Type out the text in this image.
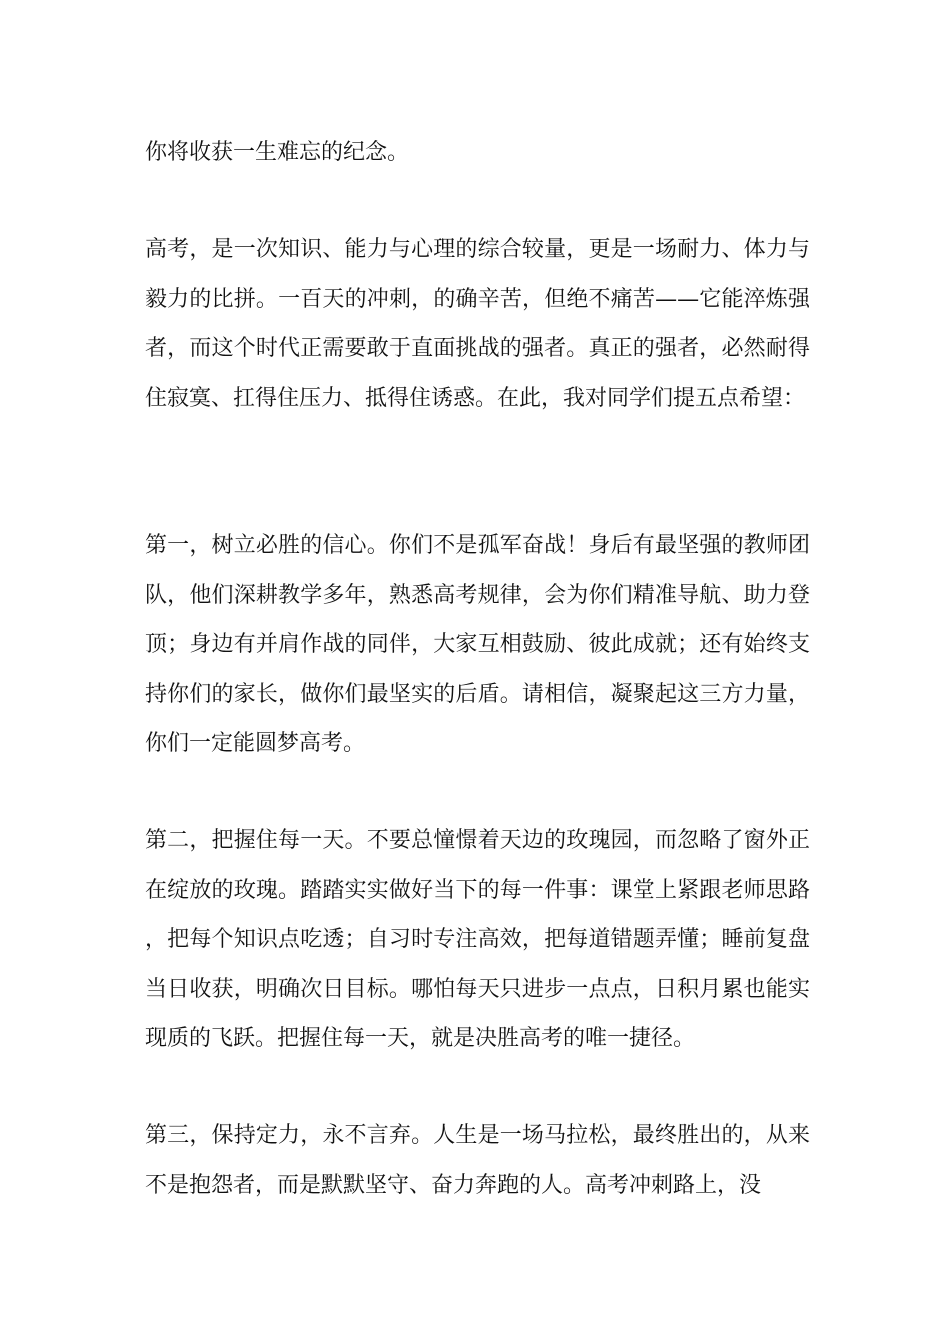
你将收获一生难忘的纪念。

高考，是一次知识、能力与心理的综合较量，更是一场耐力、体力与毅力的比拼。一百天的冲刺，的确辛苦，但绝不痛苦——它能淬炼强者，而这个时代正需要敢于直面挑战的强者。真正的强者，必然耐得住寂寞、扛得住压力、抵得住诱惑。在此，我对同学们提五点希望：

第一，树立必胜的信心。你们不是孤军奋战！身后有最坚强的教师团队，他们深耕教学多年，熟悉高考规律，会为你们精准导航、助力登顶；身边有并肩作战的同伴，大家互相鼓励、彼此成就；还有始终支持你们的家长，做你们最坚实的后盾。请相信，凝聚起这三方力量，你们一定能圆梦高考。

第二，把握住每一天。不要总憧憬着天边的玫瑰园，而忽略了窗外正在绽放的玫瑰。踏踏实实做好当下的每一件事：课堂上紧跟老师思路，把每个知识点吃透；自习时专注高效，把每道错题弄懂；睡前复盘当日收获，明确次日目标。哪怕每天只进步一点点，日积月累也能实现质的飞跃。把握住每一天，就是决胜高考的唯一捷径。

第三，保持定力，永不言弃。人生是一场马拉松，最终胜出的，从来不是抱怨者，而是默默坚守、奋力奔跑的人。高考冲刺路上，没
